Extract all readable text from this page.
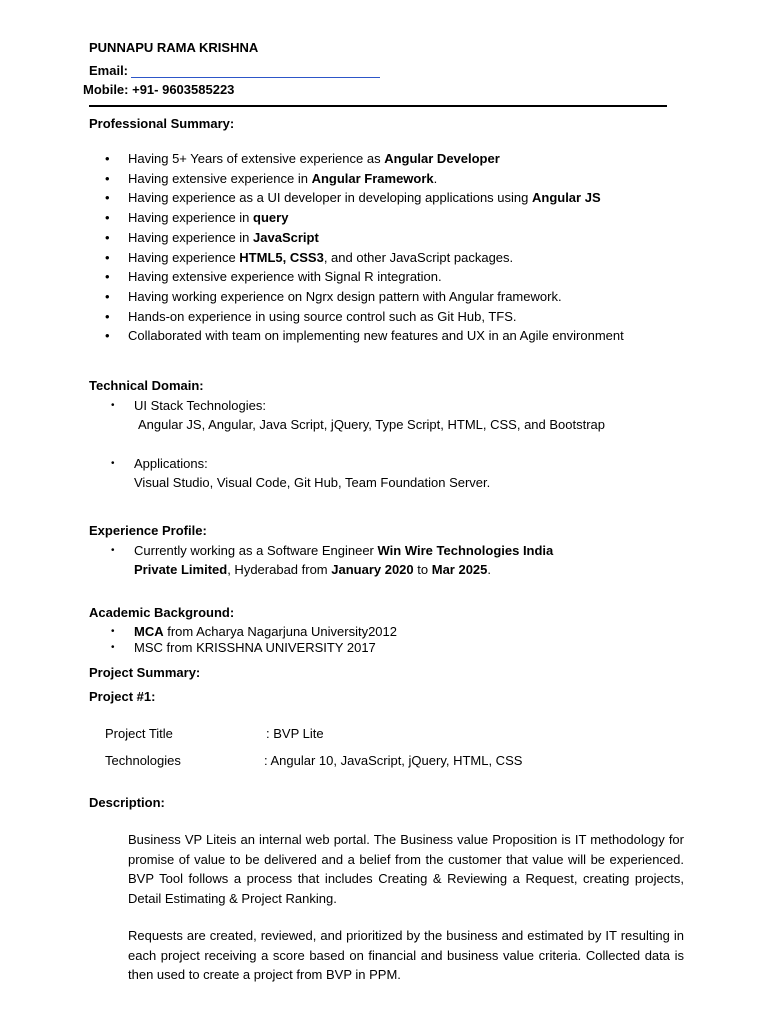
PUNNAPU RAMA KRISHNA
Email:
Mobile: +91- 9603585223
Professional Summary:
• Having 5+ Years of extensive experience as Angular Developer
• Having extensive experience in Angular Framework.
• Having experience as a UI developer in developing applications using Angular JS
• Having experience in query
• Having experience in JavaScript
• Having experience HTML5, CSS3, and other JavaScript packages.
• Having extensive experience with Signal R integration.
• Having working experience on Ngrx design pattern with Angular framework.
• Hands-on experience in using source control such as Git Hub, TFS.
• Collaborated with team on implementing new features and UX in an Agile environment
Technical Domain:
• UI Stack Technologies:
Angular JS, Angular, Java Script, jQuery, Type Script, HTML, CSS, and Bootstrap
• Applications:
Visual Studio, Visual Code, Git Hub, Team Foundation Server.
Experience Profile:
• Currently working as a Software Engineer Win Wire Technologies India
Private Limited, Hyderabad from January 2020 to Mar 2025.
Academic Background:
• MCA from Acharya Nagarjuna University2012
• MSC from KRISSHNA UNIVERSITY 2017
Project Summary:
Project #1:
Project Title	: BVP Lite
Technologies	: Angular 10, JavaScript, jQuery, HTML, CSS
Description:
Business VP Liteis an internal web portal. The Business value Proposition is IT methodology for promise of value to be delivered and a belief from the customer that value will be experienced. BVP Tool follows a process that includes Creating & Reviewing a Request, creating projects, Detail Estimating & Project Ranking.
Requests are created, reviewed, and prioritized by the business and estimated by IT resulting in each project receiving a score based on financial and business value criteria. Collected data is then used to create a project from BVP in PPM.
